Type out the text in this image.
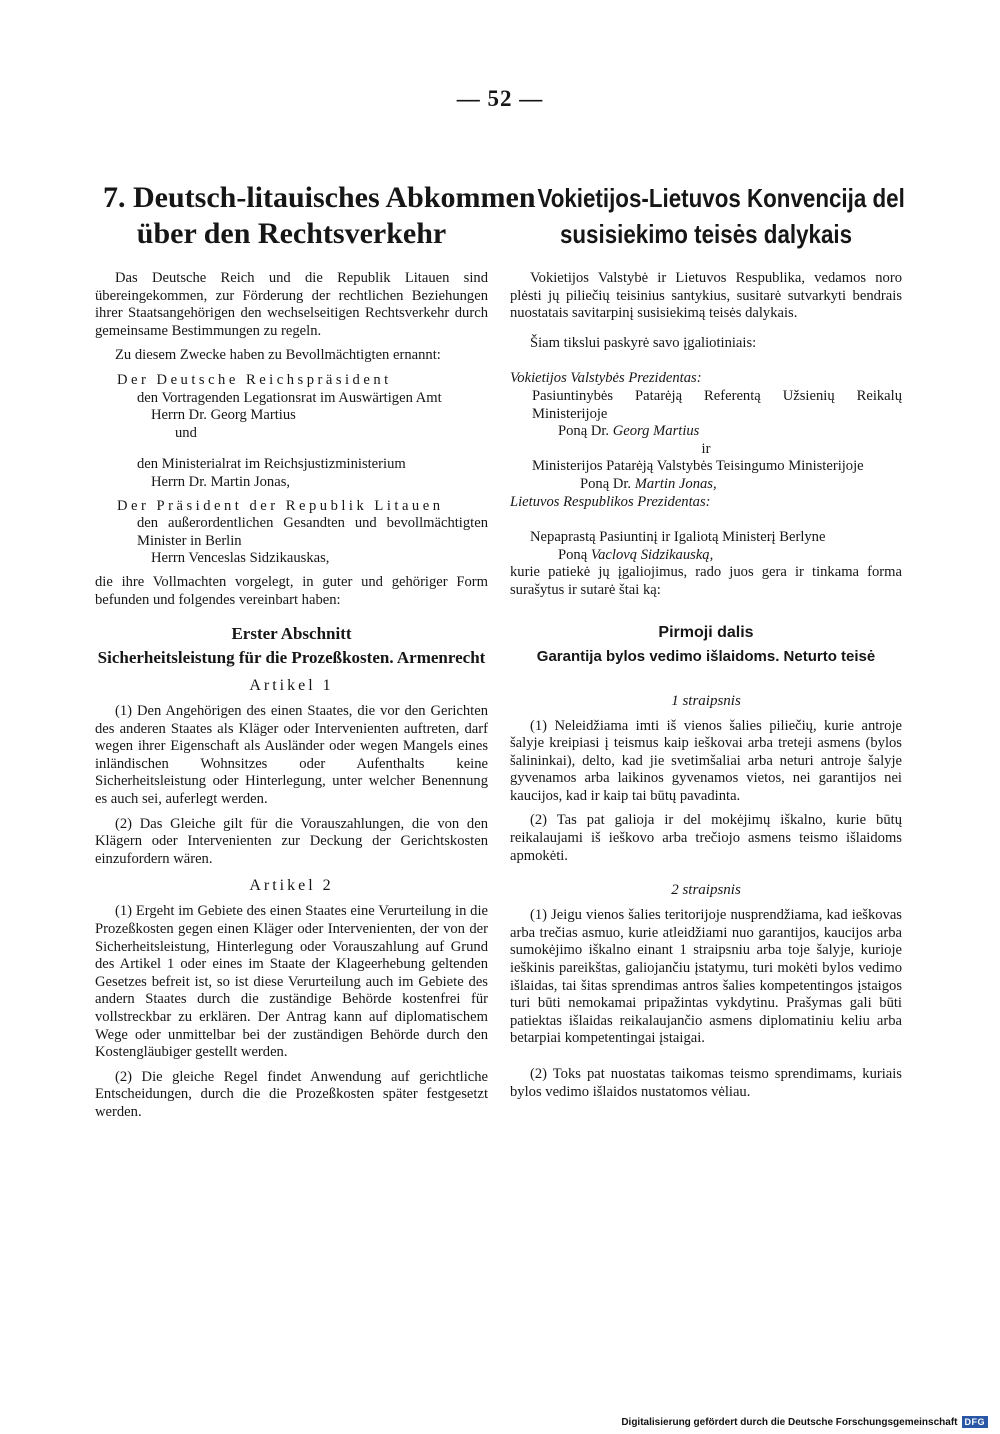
— 52 —
7. Deutsch-litauisches Abkommen
über den Rechtsverkehr

Das Deutsche Reich und die Republik Litauen sind übereingekommen, zur Förderung der rechtlichen Beziehungen ihrer Staatsangehörigen den wechselseitigen Rechtsverkehr durch gemeinsame Bestimmungen zu regeln.

Zu diesem Zwecke haben zu Bevollmächtigten ernannt:

Der Deutsche Reichspräsident
den Vortragenden Legationsrat im Auswärtigen Amt
Herrn Dr. Georg Martius
und
den Ministerialrat im Reichsjustizministerium
Herrn Dr. Martin Jonas,
Der Präsident der Republik Litauen
den außerordentlichen Gesandten und bevollmächtigten Minister in Berlin
Herrn Venceslas Sidzikauskas,

die ihre Vollmachten vorgelegt, in guter und gehöriger Form befunden und folgendes vereinbart haben:

Erster Abschnitt
Sicherheitsleistung für die Prozeßkosten. Armenrecht
Artikel 1

(1) Den Angehörigen des einen Staates, die vor den Gerichten des anderen Staates als Kläger oder Intervenienten auftreten, darf wegen ihrer Eigenschaft als Ausländer oder wegen Mangels eines inländischen Wohnsitzes oder Aufenthalts keine Sicherheitsleistung oder Hinterlegung, unter welcher Benennung es auch sei, auferlegt werden.

(2) Das Gleiche gilt für die Vorauszahlungen, die von den Klägern oder Intervenienten zur Deckung der Gerichtskosten einzufordern wären.

Artikel 2

(1) Ergeht im Gebiete des einen Staates eine Verurteilung in die Prozeßkosten gegen einen Kläger oder Intervenienten, der von der Sicherheitsleistung, Hinterlegung oder Vorauszahlung auf Grund des Artikel 1 oder eines im Staate der Klageerhebung geltenden Gesetzes befreit ist, so ist diese Verurteilung auch im Gebiete des andern Staates durch die zuständige Behörde kostenfrei für vollstreckbar zu erklären. Der Antrag kann auf diplomatischem Wege oder unmittelbar bei der zuständigen Behörde durch den Kostengläubiger gestellt werden.

(2) Die gleiche Regel findet Anwendung auf gerichtliche Entscheidungen, durch die die Prozeßkosten später festgesetzt werden.

Vokietijos-Lietuvos Konvencija del
susisiekimo teisės dalykais

Vokietijos Valstybė ir Lietuvos Respublika, vedamos noro plėsti jų piliečių teisinius santykius, susitarė sutvarkyti bendrais nuostatais savitarpinį susisiekimą teisės dalykais.

Šiam tikslui paskyrė savo įgaliotiniais:

Vokietijos Valstybės Prezidentas:

Pasiuntinybės Patarėją Referentą Užsienių Reikalų Ministerijoje

Poną Dr. Georg Martius

ir

Ministerijos Patarėją Valstybės Teisingumo Ministerijoje

Poną Dr. Martin Jonas,

Lietuvos Respublikos Prezidentas:

Nepaprastą Pasiuntinį ir Igaliotą Ministerį Berlyne

Poną Vaclovą Sidzikauską,

kurie patiekė jų įgaliojimus, rado juos gera ir tinkama forma surašytus ir sutarė štai ką:

Pirmoji dalis
Garantija bylos vedimo išlaidoms. Neturto teisė
1 straipsnis

(1) Neleidžiama imti iš vienos šalies piliečių, kurie antroje šalyje kreipiasi į teismus kaip ieškovai arba treteji asmens (bylos šalininkai), delto, kad jie svetimšaliai arba neturi antroje šalyje gyvenamos arba laikinos gyvenamos vietos, nei garantijos nei kaucijos, kad ir kaip tai būtų pavadinta.

(2) Tas pat galioja ir del mokėjimų iškalno, kurie būtų reikalaujami iš ieškovo arba trečiojo asmens teismo išlaidoms apmokėti.

2 straipsnis

(1) Jeigu vienos šalies teritorijoje nusprendžiama, kad ieškovas arba trečias asmuo, kurie atleidžiami nuo garantijos, kaucijos arba sumokėjimo iškalno einant 1 straipsniu arba toje šalyje, kurioje ieškinis pareikštas, galiojančiu įstatymu, turi mokėti bylos vedimo išlaidas, tai šitas sprendimas antros šalies kompetentingos įstaigos turi būti nemokamai pripažintas vykdytinu. Prašymas gali būti patiektas išlaidas reikalaujančio asmens diplomatiniu keliu arba betarpiai kompetentingai įstaigai.

(2) Toks pat nuostatas taikomas teismo sprendimams, kuriais bylos vedimo išlaidos nustatomos vėliau.

Digitalisierung gefördert durch die Deutsche Forschungsgemeinschaft DFG
